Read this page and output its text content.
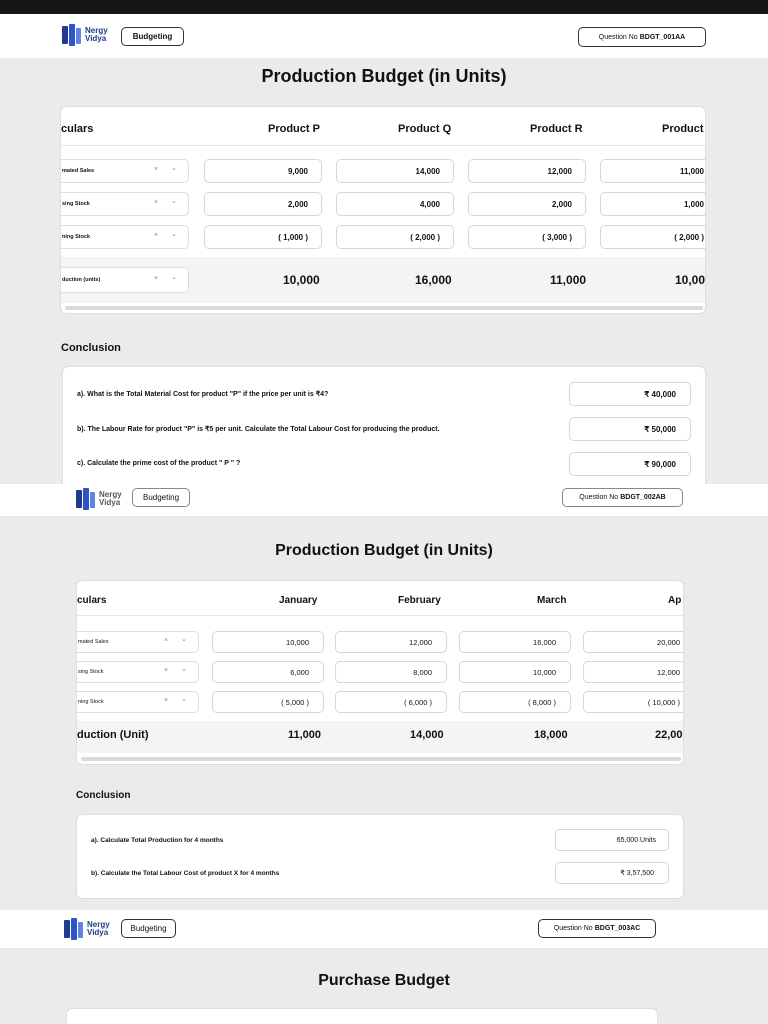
Nergy
Vidya	Budgeting	Question No BDGT_001AA
Production Budget (in Units)
culars	Product P	Product Q	Product R	Product
mated Sales	× ⌄	9,000	14,000	12,000	11,000
sing Stock	× ⌄	2,000	4,000	2,000	1,000
ning Stock	× ⌄	( 1,000 )	( 2,000 )	( 3,000 )	( 2,000 )
duction (units)	× ⌄	10,000	16,000	11,000	10,00
Conclusion
a). What is the Total Material Cost for product "P" if the price per unit is ₹4?	₹ 40,000
b). The Labour Rate for product "P" is ₹5 per unit. Calculate the Total Labour Cost for producing the product.	₹ 50,000
c). Calculate the prime cost of the product " P " ?	₹ 90,000
Nergy
Vidya
Budgeting	Question No BDGT_002AB
Production Budget (in Units)
culars	January	February	March	Ap
mated Sales	× ⌄	10,000	12,000	16,000	20,000
sing Stock	× ⌄	6,000	8,000	10,000	12,000
ning Stock	× ⌄	( 5,000 )	( 6,000 )	( 8,000 )	( 10,000 )
duction (Unit)	11,000	14,000	18,000	22,00
Conclusion
a). Calculate Total Production for 4 months	65,000 Units
b). Calculate the Total Labour Cost of product X for 4 months	₹ 3,57,500
Nergy
Vidya	Budgeting	Question No BDGT_003AC
Purchase Budget
